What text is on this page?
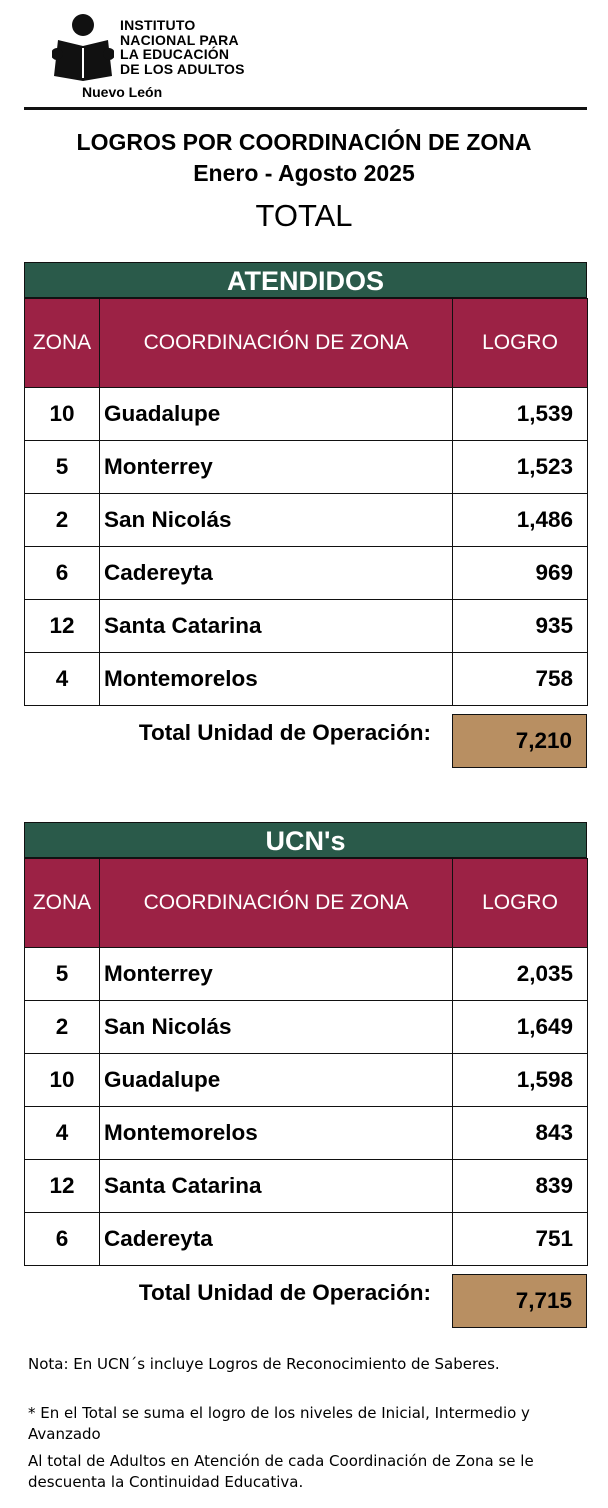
INSTITUTO
NACIONAL PARA
LA EDUCACIÓN
DE LOS ADULTOS
Nuevo León
LOGROS POR COORDINACIÓN DE ZONA
Enero - Agosto 2025
TOTAL
ATENDIDOS
ZONA	COORDINACIÓN DE ZONA	LOGRO
10	Guadalupe	1,539
5	Monterrey	1,523
2	San Nicolás	1,486
6	Cadereyta	969
12	Santa Catarina	935
4	Montemorelos	758
Total Unidad de Operación:	7,210
UCN's
ZONA	COORDINACIÓN DE ZONA	LOGRO
5	Monterrey	2,035
2	San Nicolás	1,649
10	Guadalupe	1,598
4	Montemorelos	843
12	Santa Catarina	839
6	Cadereyta	751
Total Unidad de Operación:	7,715
Nota: En UCN´s incluye Logros de Reconocimiento de Saberes.
* En el Total se suma el logro de los niveles de Inicial, Intermedio y Avanzado
Al total de Adultos en Atención de cada Coordinación de Zona se le descuenta la Continuidad Educativa.
